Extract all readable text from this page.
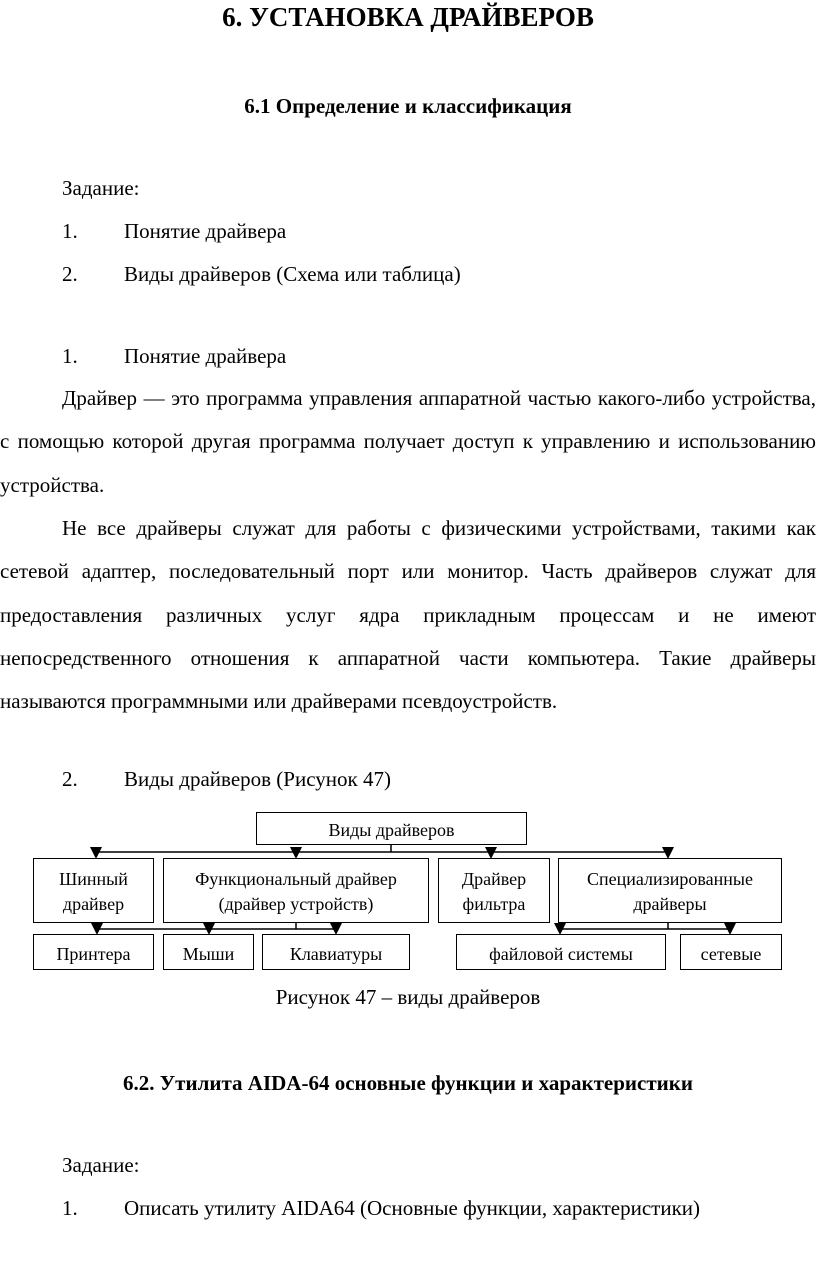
6. УСТАНОВКА ДРАЙВЕРОВ
6.1 Определение и классификация
Задание:
1. Понятие драйвера
2. Виды драйверов (Схема или таблица)
1. Понятие драйвера

Драйвер — это программа управления аппаратной частью какого-либо устройства, с помощью которой другая программа получает доступ к управлению и использованию устройства.

Не все драйверы служат для работы с физическими устройствами, такими как сетевой адаптер, последовательный порт или монитор. Часть драйверов служат для предоставления различных услуг ядра прикладным процессам и не имеют непосредственного отношения к аппаратной части компьютера. Такие драйверы называются программными или драйверами псевдоустройств.

2. Виды драйверов (Рисунок 47)
Виды драйверов
Шинный
драйвер
Функциональный драйвер
(драйвер устройств)
Драйвер
фильтра
Специализированные
драйверы
Принтера	Мыши	Клавиатуры	файловой системы	сетевые
Рисунок 47 – виды драйверов
6.2. Утилита AIDA-64 основные функции и характеристики
Задание:
1. Описать утилиту AIDA64 (Основные функции, характеристики)
